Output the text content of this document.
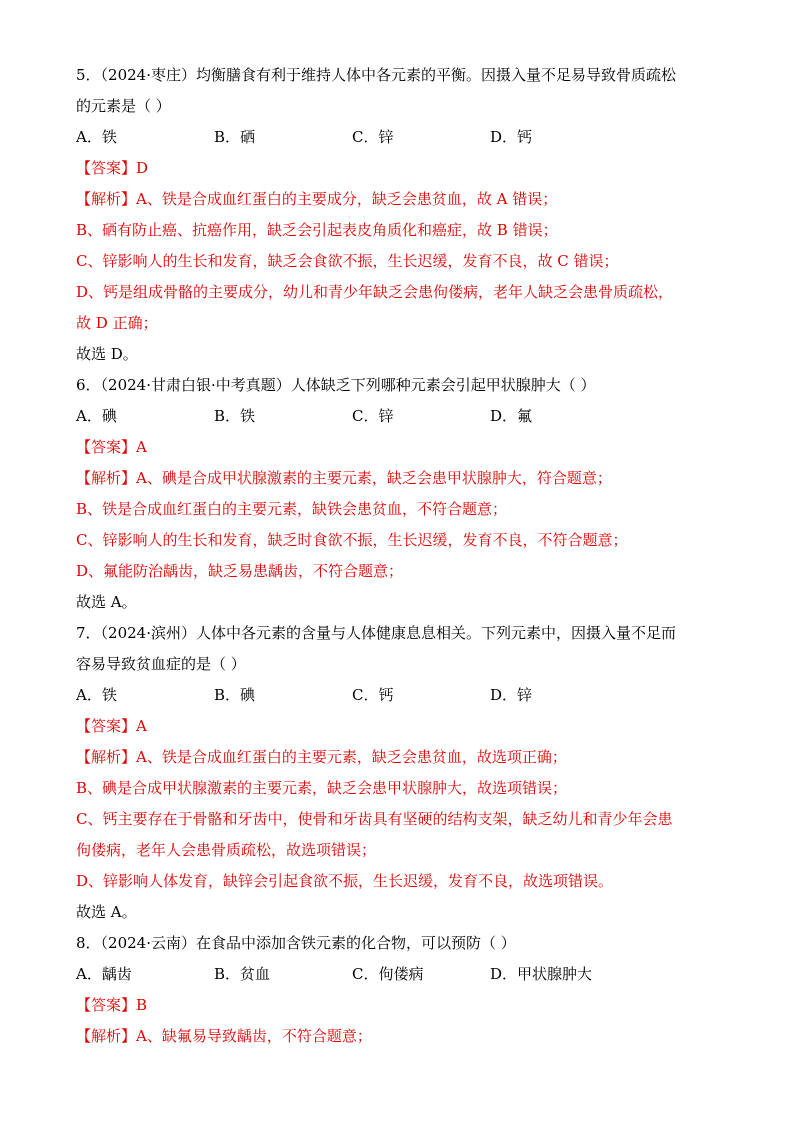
5．（2024·枣庄）均衡膳食有利于维持人体中各元素的平衡。因摄入量不足易导致骨质疏松
的元素是（ ）
A．铁	B．硒	C．锌	D．钙
【答案】D
【解析】A、铁是合成血红蛋白的主要成分，缺乏会患贫血，故 A 错误；
B、硒有防止癌、抗癌作用，缺乏会引起表皮角质化和癌症，故 B 错误；
C、锌影响人的生长和发育，缺乏会食欲不振，生长迟缓，发育不良，故 C 错误；
D、钙是组成骨骼的主要成分，幼儿和青少年缺乏会患佝偻病，老年人缺乏会患骨质疏松，
故 D 正确；
故选 D。
6．（2024·甘肃白银·中考真题）人体缺乏下列哪种元素会引起甲状腺肿大（ ）
A．碘	B．铁	C．锌	D．氟
【答案】A
【解析】A、碘是合成甲状腺激素的主要元素，缺乏会患甲状腺肿大，符合题意；
B、铁是合成血红蛋白的主要元素，缺铁会患贫血，不符合题意；
C、锌影响人的生长和发育，缺乏时食欲不振，生长迟缓，发育不良，不符合题意；
D、氟能防治龋齿，缺乏易患龋齿，不符合题意；
故选 A。
7．（2024·滨州）人体中各元素的含量与人体健康息息相关。下列元素中，因摄入量不足而
容易导致贫血症的是（ ）
A．铁	B．碘	C．钙	D．锌
【答案】A
【解析】A、铁是合成血红蛋白的主要元素，缺乏会患贫血，故选项正确；
B、碘是合成甲状腺激素的主要元素，缺乏会患甲状腺肿大，故选项错误；
C、钙主要存在于骨骼和牙齿中，使骨和牙齿具有坚硬的结构支架，缺乏幼儿和青少年会患
佝偻病，老年人会患骨质疏松，故选项错误；
D、锌影响人体发育，缺锌会引起食欲不振，生长迟缓，发育不良，故选项错误。
故选 A。
8．（2024·云南）在食品中添加含铁元素的化合物，可以预防（ ）
A．龋齿	B．贫血	C．佝偻病	D．甲状腺肿大
【答案】B
【解析】A、缺氟易导致龋齿，不符合题意；
